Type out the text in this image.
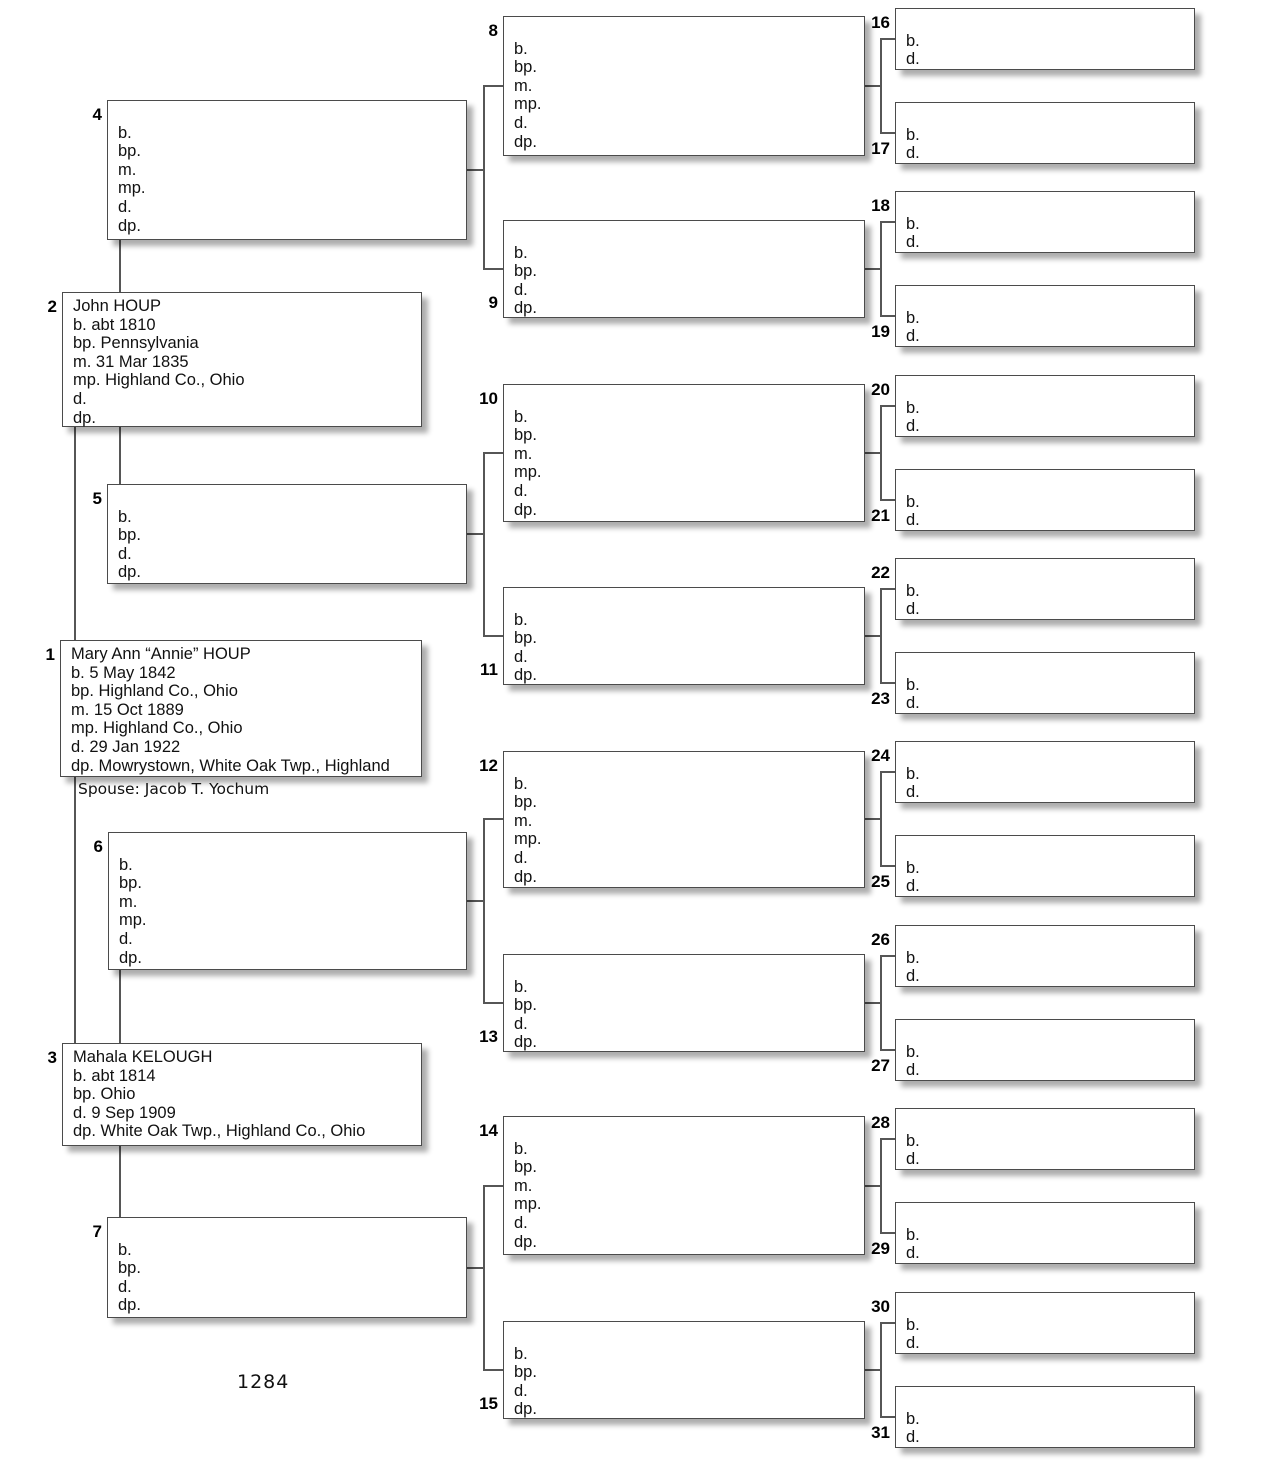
1 Mary Ann “Annie” HOUP
b. 5 May 1842
bp. Highland Co., Ohio
m. 15 Oct 1889
mp. Highland Co., Ohio
d. 29 Jan 1922
dp. Mowrystown, White Oak Twp., Highland
2 John HOUP
b. abt 1810
bp. Pennsylvania
m. 31 Mar 1835
mp. Highland Co., Ohio
d.
dp.
3 Mahala KELOUGH
b. abt 1814
bp. Ohio
d. 9 Sep 1909
dp. White Oak Twp., Highland Co., Ohio
4
b.
bp.
m.
mp.
d.
dp.
5
b.
bp.
d.
dp.
6
b.
bp.
m.
mp.
d.
dp.
7
b.
bp.
d.
dp.
8
b.
bp.
m.
mp.
d.
dp.
9
b.
bp.
d.
dp.
10
b.
bp.
m.
mp.
d.
dp.
11
b.
bp.
d.
dp.
12
b.
bp.
m.
mp.
d.
dp.
13
b.
bp.
d.
dp.
14
b.
bp.
m.
mp.
d.
dp.
15
b.
bp.
d.
dp.
16
b.
d.
17
b.
d.
18
b.
d.
19
b.
d.
20
b.
d.
21
b.
d.
22
b.
d.
23
b.
d.
24
b.
d.
25
b.
d.
26
b.
d.
27
b.
d.
28
b.
d.
29
b.
d.
30
b.
d.
31
b.
d.
Spouse: Jacob T. Yochum
1284
